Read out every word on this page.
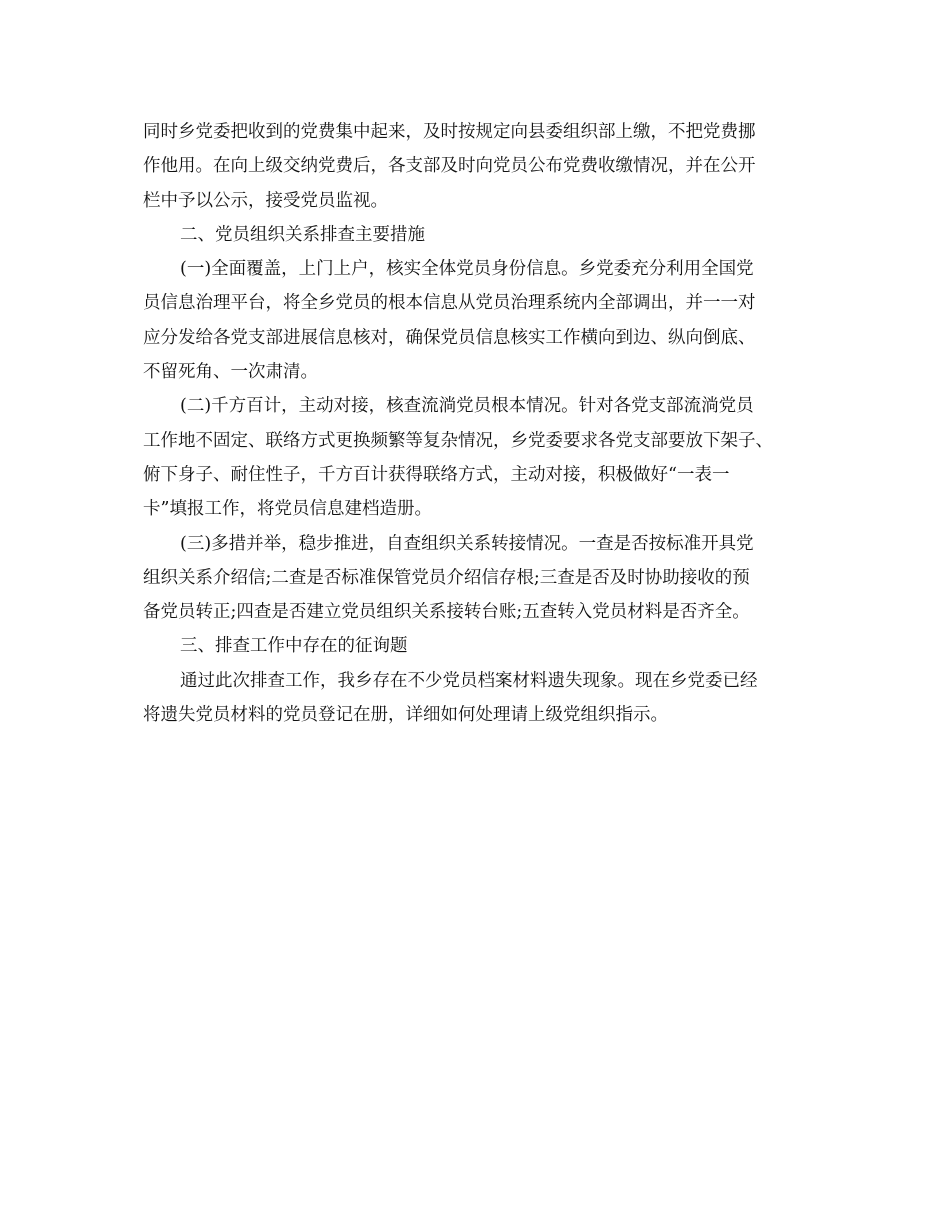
同时乡党委把收到的党费集中起来，及时按规定向县委组织部上缴，不把党费挪
作他用。在向上级交纳党费后，各支部及时向党员公布党费收缴情况，并在公开
栏中予以公示，接受党员监视。
二、党员组织关系排查主要措施
(一)全面覆盖，上门上户，核实全体党员身份信息。乡党委充分利用全国党
员信息治理平台，将全乡党员的根本信息从党员治理系统内全部调出，并一一对
应分发给各党支部进展信息核对，确保党员信息核实工作横向到边、纵向倒底、
不留死角、一次肃清。
(二)千方百计，主动对接，核查流淌党员根本情况。针对各党支部流淌党员
工作地不固定、联络方式更换频繁等复杂情况，乡党委要求各党支部要放下架子、
俯下身子、耐住性子，千方百计获得联络方式，主动对接，积极做好“一表一
卡”填报工作，将党员信息建档造册。
(三)多措并举，稳步推进，自查组织关系转接情况。一查是否按标准开具党
组织关系介绍信;二查是否标准保管党员介绍信存根;三查是否及时协助接收的预
备党员转正;四查是否建立党员组织关系接转台账;五查转入党员材料是否齐全。
三、排查工作中存在的征询题
通过此次排查工作，我乡存在不少党员档案材料遗失现象。现在乡党委已经
将遗失党员材料的党员登记在册，详细如何处理请上级党组织指示。
